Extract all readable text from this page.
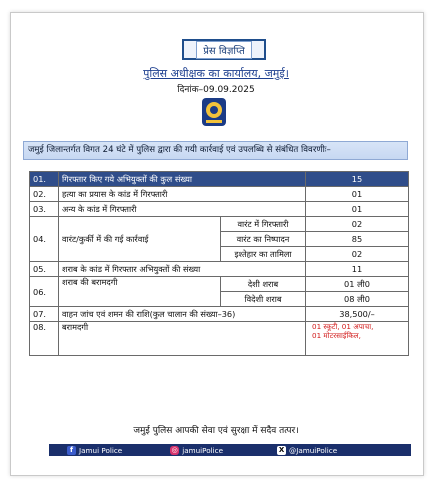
प्रेस विज्ञप्ति
पुलिस अधीक्षक का कार्यालय, जमुई।
दिनांक–09.09.2025
जमुई जिलान्तर्गत विगत 24 घंटे में पुलिस द्वारा की गयी कार्रवाई एवं उपलब्धि से संबंधित विवरणीः–
01.	गिरफ्तार किए गये अभियुक्तों की कुल संख्या		15
02.	हत्या का प्रयास के कांड में गिरफ्तारी		01
03.	अन्य के कांड में गिरफ्तारी		01
04.	वारंट/कुर्की में की गई कार्रवाई	वारंट में गिरफ्तारी	02
		वारंट का निष्पादन	85
		इश्तेहार का तामिला	02
05.	शराब के कांड में गिरफ्तार अभियुक्तों की संख्या		11
06.	शराब की बरामदगी	देशी शराब	01 ली0
		विदेशी शराब	08 ली0
07.	वाहन जांच एवं शमन की राशि(कुल चालान की संख्या–36)		38,500/–
08.	बरामदगी		01 स्कूटी, 01 अपाचा,
01 मोटरसाईकिल,
जमुई पुलिस आपकी सेवा एवं सुरक्षा में सदैव तत्पर।
f Jamui Police	◎ jamuiPolice	X @JamuiPolice
